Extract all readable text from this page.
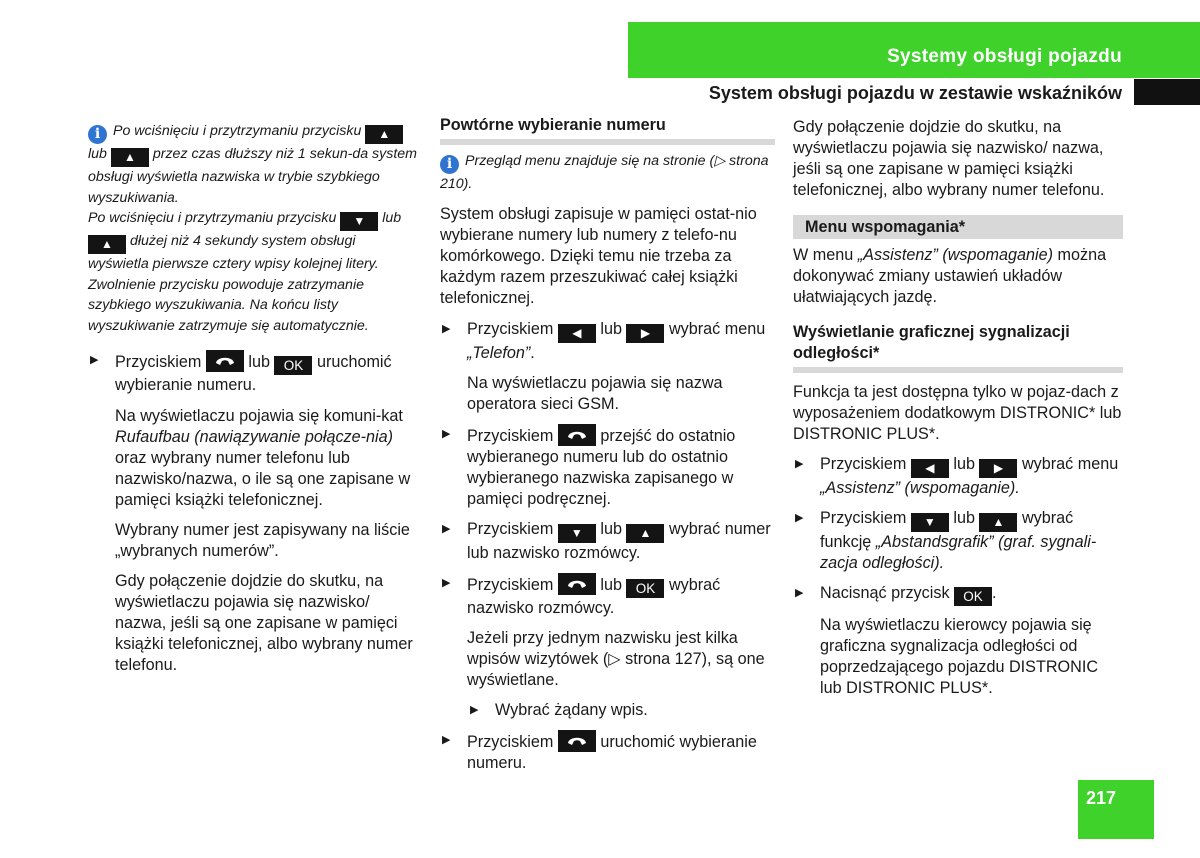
Systemy obsługi pojazdu
System obsługi pojazdu w zestawie wskaźników

i Po wciśnięciu i przytrzymaniu przycisku ▲ lub ▲ przez czas dłuższy niż 1 sekun-da system obsługi wyświetla nazwiska w trybie szybkiego wyszukiwania.

Po wciśnięciu i przytrzymaniu przycisku ▼ lub ▲ dłużej niż 4 sekundy system obsługi wyświetla pierwsze cztery wpisy kolejnej litery. Zwolnienie przycisku powoduje zatrzymanie szybkiego wyszukiwania. Na końcu listy wyszukiwanie zatrzymuje się automatycznie.

▶ Przyciskiem	lub OK uruchomić wybieranie numeru.

Na wyświetlaczu pojawia się komuni-kat Rufaufbau (nawiązywanie połącze-nia) oraz wybrany numer telefonu lub nazwisko/nazwa, o ile są one zapisane w pamięci książki telefonicznej.

Wybrany numer jest zapisywany na liście „wybranych numerów”.

Gdy połączenie dojdzie do skutku, na wyświetlaczu pojawia się nazwisko/ nazwa, jeśli są one zapisane w pamięci książki telefonicznej, albo wybrany numer telefonu.

Powtórne wybieranie numeru

i Przegląd menu znajduje się na stronie (▷ strona 210).

System obsługi zapisuje w pamięci ostat-nio wybierane numery lub numery z telefo-nu komórkowego. Dzięki temu nie trzeba za każdym razem przeszukiwać całej książki telefonicznej.

▶ Przyciskiem ◀ lub ▶ wybrać menu „Telefon”.

Na wyświetlaczu pojawia się nazwa operatora sieci GSM.

▶ Przyciskiem	przejść do ostatnio wybieranego numeru lub do ostatnio wybieranego nazwiska zapisanego w pamięci podręcznej.

▶ Przyciskiem ▼ lub ▲ wybrać numer lub nazwisko rozmówcy.

▶ Przyciskiem	lub OK wybrać nazwisko rozmówcy.

Jeżeli przy jednym nazwisku jest kilka wpisów wizytówek (▷ strona 127), są one wyświetlane.

▶ Wybrać żądany wpis.

▶ Przyciskiem	uruchomić wybieranie numeru.

Gdy połączenie dojdzie do skutku, na wyświetlaczu pojawia się nazwisko/ nazwa, jeśli są one zapisane w pamięci książki telefonicznej, albo wybrany numer telefonu.

Menu wspomagania*

W menu „Assistenz” (wspomaganie) można dokonywać zmiany ustawień układów ułatwiających jazdę.

Wyświetlanie graficznej sygnalizacji odległości*

Funkcja ta jest dostępna tylko w pojaz-dach z wyposażeniem dodatkowym DISTRONIC* lub DISTRONIC PLUS*.

▶ Przyciskiem ◀ lub ▶ wybrać menu „Assistenz” (wspomaganie).

▶ Przyciskiem ▼ lub ▲ wybrać funkcję „Abstandsgrafik” (graf. sygnali-zacja odległości).

▶ Nacisnąć przycisk OK .

Na wyświetlaczu kierowcy pojawia się graficzna sygnalizacja odległości od poprzedzającego pojazdu DISTRONIC lub DISTRONIC PLUS*.

217
